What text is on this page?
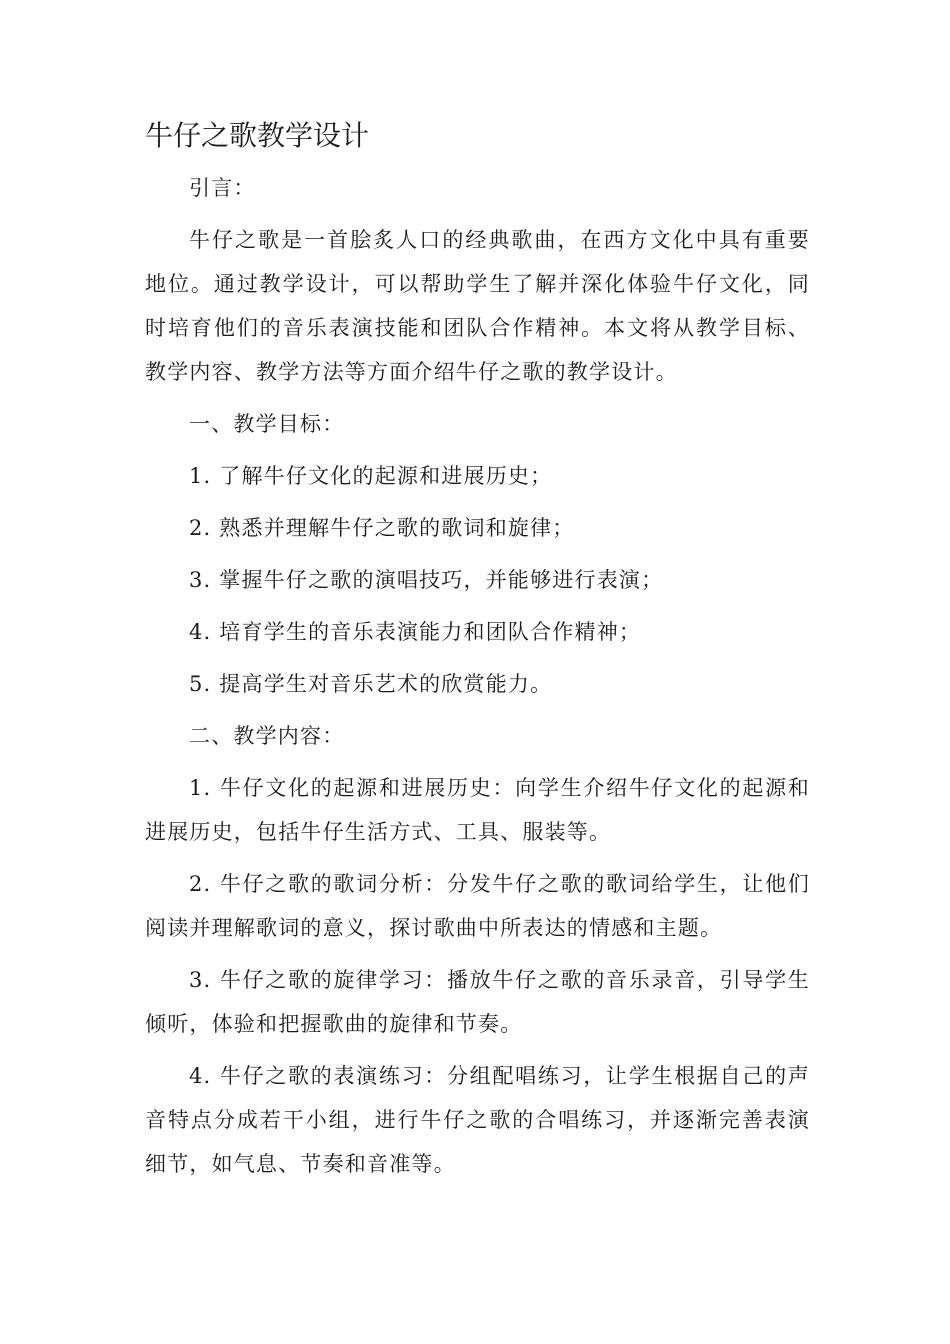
牛仔之歌教学设计

引言：

牛仔之歌是一首脍炙人口的经典歌曲，在西方文化中具有重要地位。通过教学设计，可以帮助学生了解并深化体验牛仔文化，同时培育他们的音乐表演技能和团队合作精神。本文将从教学目标、教学内容、教学方法等方面介绍牛仔之歌的教学设计。

一、教学目标：

1. 了解牛仔文化的起源和进展历史；

2. 熟悉并理解牛仔之歌的歌词和旋律；

3. 掌握牛仔之歌的演唱技巧，并能够进行表演；

4. 培育学生的音乐表演能力和团队合作精神；

5. 提高学生对音乐艺术的欣赏能力。

二、教学内容：

1. 牛仔文化的起源和进展历史：向学生介绍牛仔文化的起源和进展历史，包括牛仔生活方式、工具、服装等。

2. 牛仔之歌的歌词分析：分发牛仔之歌的歌词给学生，让他们阅读并理解歌词的意义，探讨歌曲中所表达的情感和主题。

3. 牛仔之歌的旋律学习：播放牛仔之歌的音乐录音，引导学生倾听，体验和把握歌曲的旋律和节奏。

4. 牛仔之歌的表演练习：分组配唱练习，让学生根据自己的声音特点分成若干小组，进行牛仔之歌的合唱练习，并逐渐完善表演细节，如气息、节奏和音准等。
